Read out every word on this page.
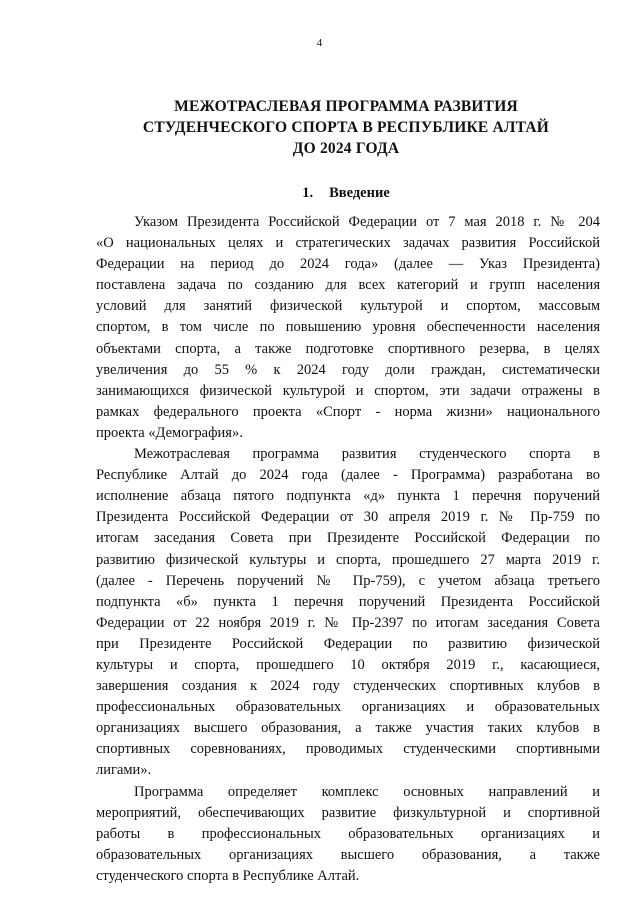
4
МЕЖОТРАСЛЕВАЯ ПРОГРАММА РАЗВИТИЯ
СТУДЕНЧЕСКОГО СПОРТА В РЕСПУБЛИКЕ АЛТАЙ
ДО 2024 ГОДА
1. Введение
Указом Президента Российской Федерации от 7 мая 2018 г. № 204
«О национальных целях и стратегических задачах развития Российской
Федерации на период до 2024 года» (далее — Указ Президента)
поставлена задача по созданию для всех категорий и групп населения
условий для занятий физической культурой и спортом, массовым
спортом, в том числе по повышению уровня обеспеченности населения
объектами спорта, а также подготовке спортивного резерва, в целях
увеличения до 55 % к 2024 году доли граждан, систематически
занимающихся физической культурой и спортом, эти задачи отражены в
рамках федерального проекта «Спорт - норма жизни» национального
проекта «Демография».
Межотраслевая программа развития студенческого спорта в
Республике Алтай до 2024 года (далее - Программа) разработана во
исполнение абзаца пятого подпункта «д» пункта 1 перечня поручений
Президента Российской Федерации от 30 апреля 2019 г. № Пр-759 по
итогам заседания Совета при Президенте Российской Федерации по
развитию физической культуры и спорта, прошедшего 27 марта 2019 г.
(далее - Перечень поручений № Пр-759), с учетом абзаца третьего
подпункта «б» пункта 1 перечня поручений Президента Российской
Федерации от 22 ноября 2019 г. № Пр-2397 по итогам заседания Совета
при Президенте Российской Федерации по развитию физической
культуры и спорта, прошедшего 10 октября 2019 г., касающиеся,
завершения создания к 2024 году студенческих спортивных клубов в
профессиональных образовательных организациях и образовательных
организациях высшего образования, а также участия таких клубов в
спортивных соревнованиях, проводимых студенческими спортивными
лигами».
Программа определяет комплекс основных направлений и
мероприятий, обеспечивающих развитие физкультурной и спортивной
работы в профессиональных образовательных организациях и
образовательных организациях высшего образования, а также
студенческого спорта в Республике Алтай.
